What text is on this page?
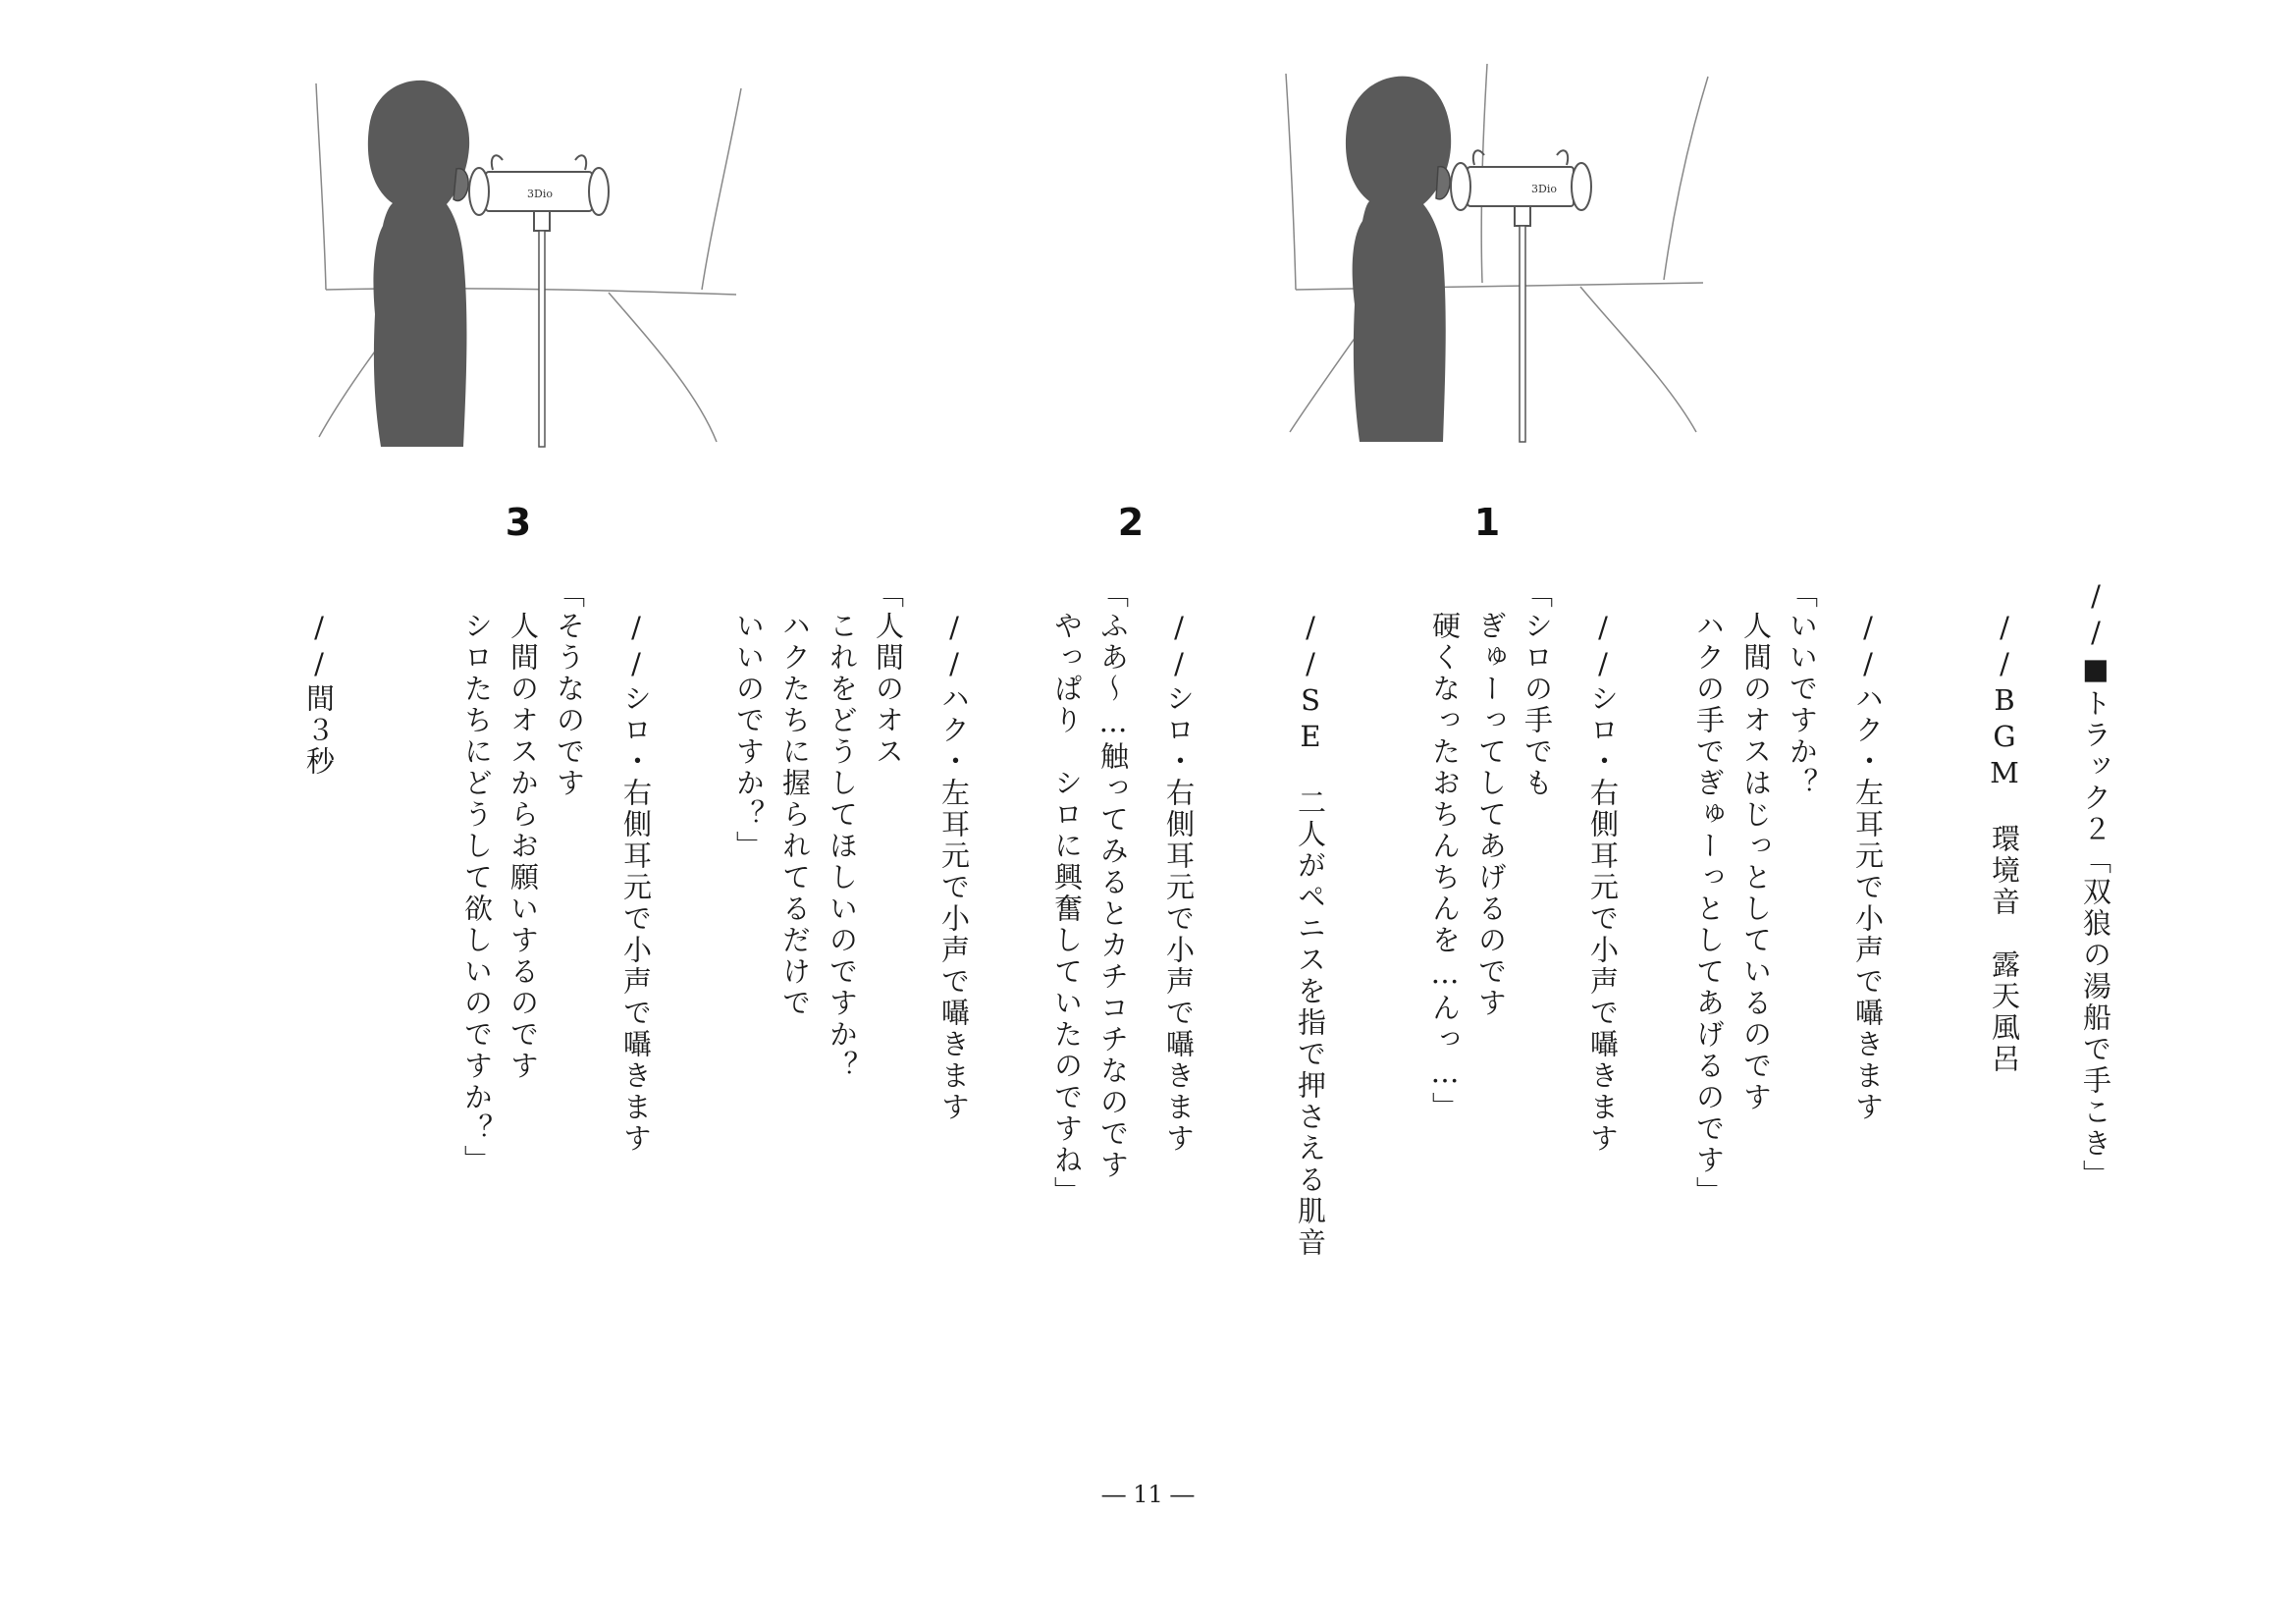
3Dio
3Dio
1
2
3
//■トラック２「双狼の湯船で手こき」
　//BGM　環境音　露天風呂
　//ハク・左耳元で小声で囁きます
「いいですか？
　人間のオスはじっとしているのです
　ハクの手でぎゅーっとしてあげるのです」
　//シロ・右側耳元で小声で囁きます
「シロの手でも
　ぎゅーってしてあげるのです
　硬くなったおちんちんを…んっ…」
　//SE　二人がペニスを指で押さえる肌音
　//シロ・右側耳元で小声で囁きます
「ふあ～…触ってみるとカチコチなのです
　やっぱり　シロに興奮していたのですね」
　//ハク・左耳元で小声で囁きます
「人間のオス
　これをどうしてほしいのですか？
　ハクたちに握られてるだけで
　いいのですか？」
　//シロ・右側耳元で小声で囁きます
「そうなのです
　人間のオスからお願いするのです
　シロたちにどうして欲しいのですか？」
　//間３秒
― 11 ―
